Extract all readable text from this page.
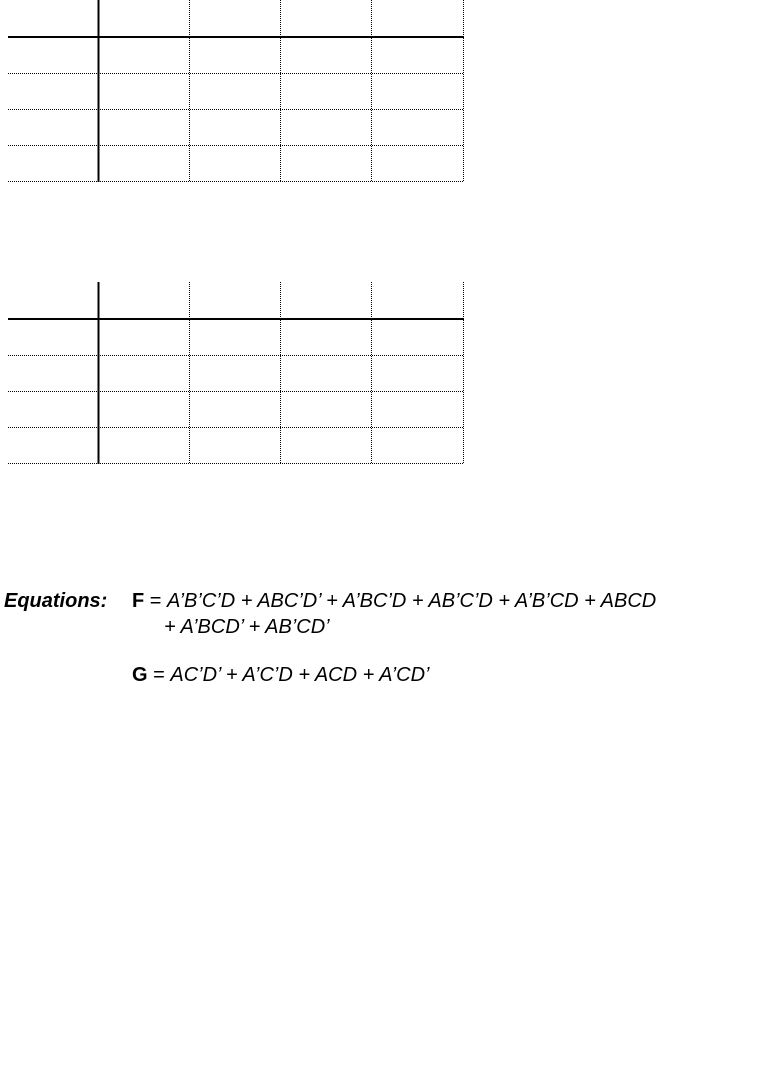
Equations: F = A’B’C’D + ABC’D’ + A’BC’D + AB’C’D + A’B’CD + ABCD
+ A’BCD’ + AB’CD’
G = AC’D’ + A’C’D + ACD + A’CD’
